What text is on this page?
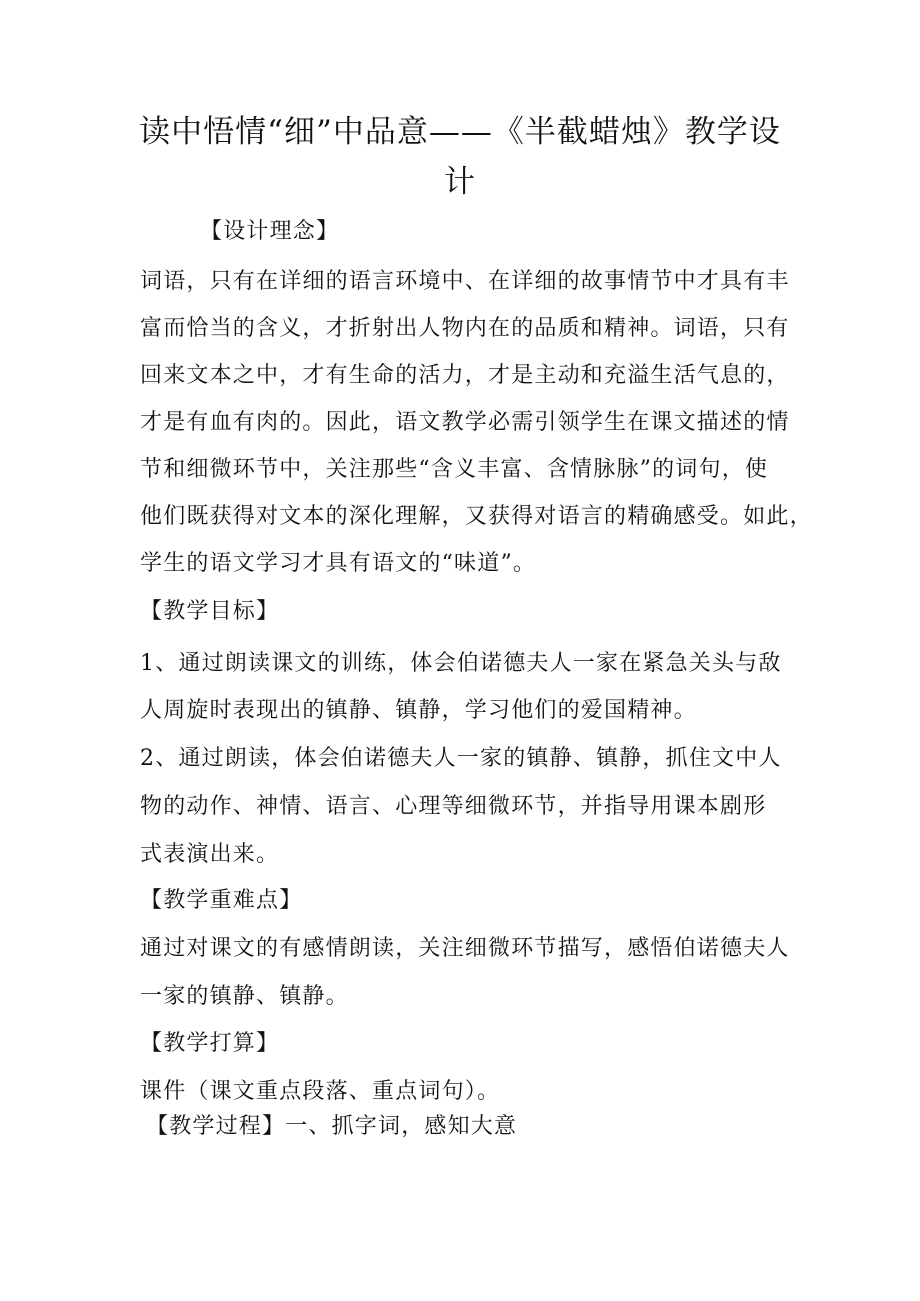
读中悟情“细”中品意——《半截蜡烛》教学设
计

【设计理念】

词语，只有在详细的语言环境中、在详细的故事情节中才具有丰

富而恰当的含义，才折射出人物内在的品质和精神。词语，只有

回来文本之中，才有生命的活力，才是主动和充溢生活气息的，

才是有血有肉的。因此，语文教学必需引领学生在课文描述的情

节和细微环节中，关注那些“含义丰富、含情脉脉”的词句，使

他们既获得对文本的深化理解，又获得对语言的精确感受。如此，

学生的语文学习才具有语文的“味道”。

【教学目标】

1、通过朗读课文的训练，体会伯诺德夫人一家在紧急关头与敌

人周旋时表现出的镇静、镇静，学习他们的爱国精神。

2、通过朗读，体会伯诺德夫人一家的镇静、镇静，抓住文中人

物的动作、神情、语言、心理等细微环节，并指导用课本剧形

式表演出来。

【教学重难点】

通过对课文的有感情朗读，关注细微环节描写，感悟伯诺德夫人

一家的镇静、镇静。

【教学打算】

课件（课文重点段落、重点词句）。

【教学过程】一、抓字词，感知大意
